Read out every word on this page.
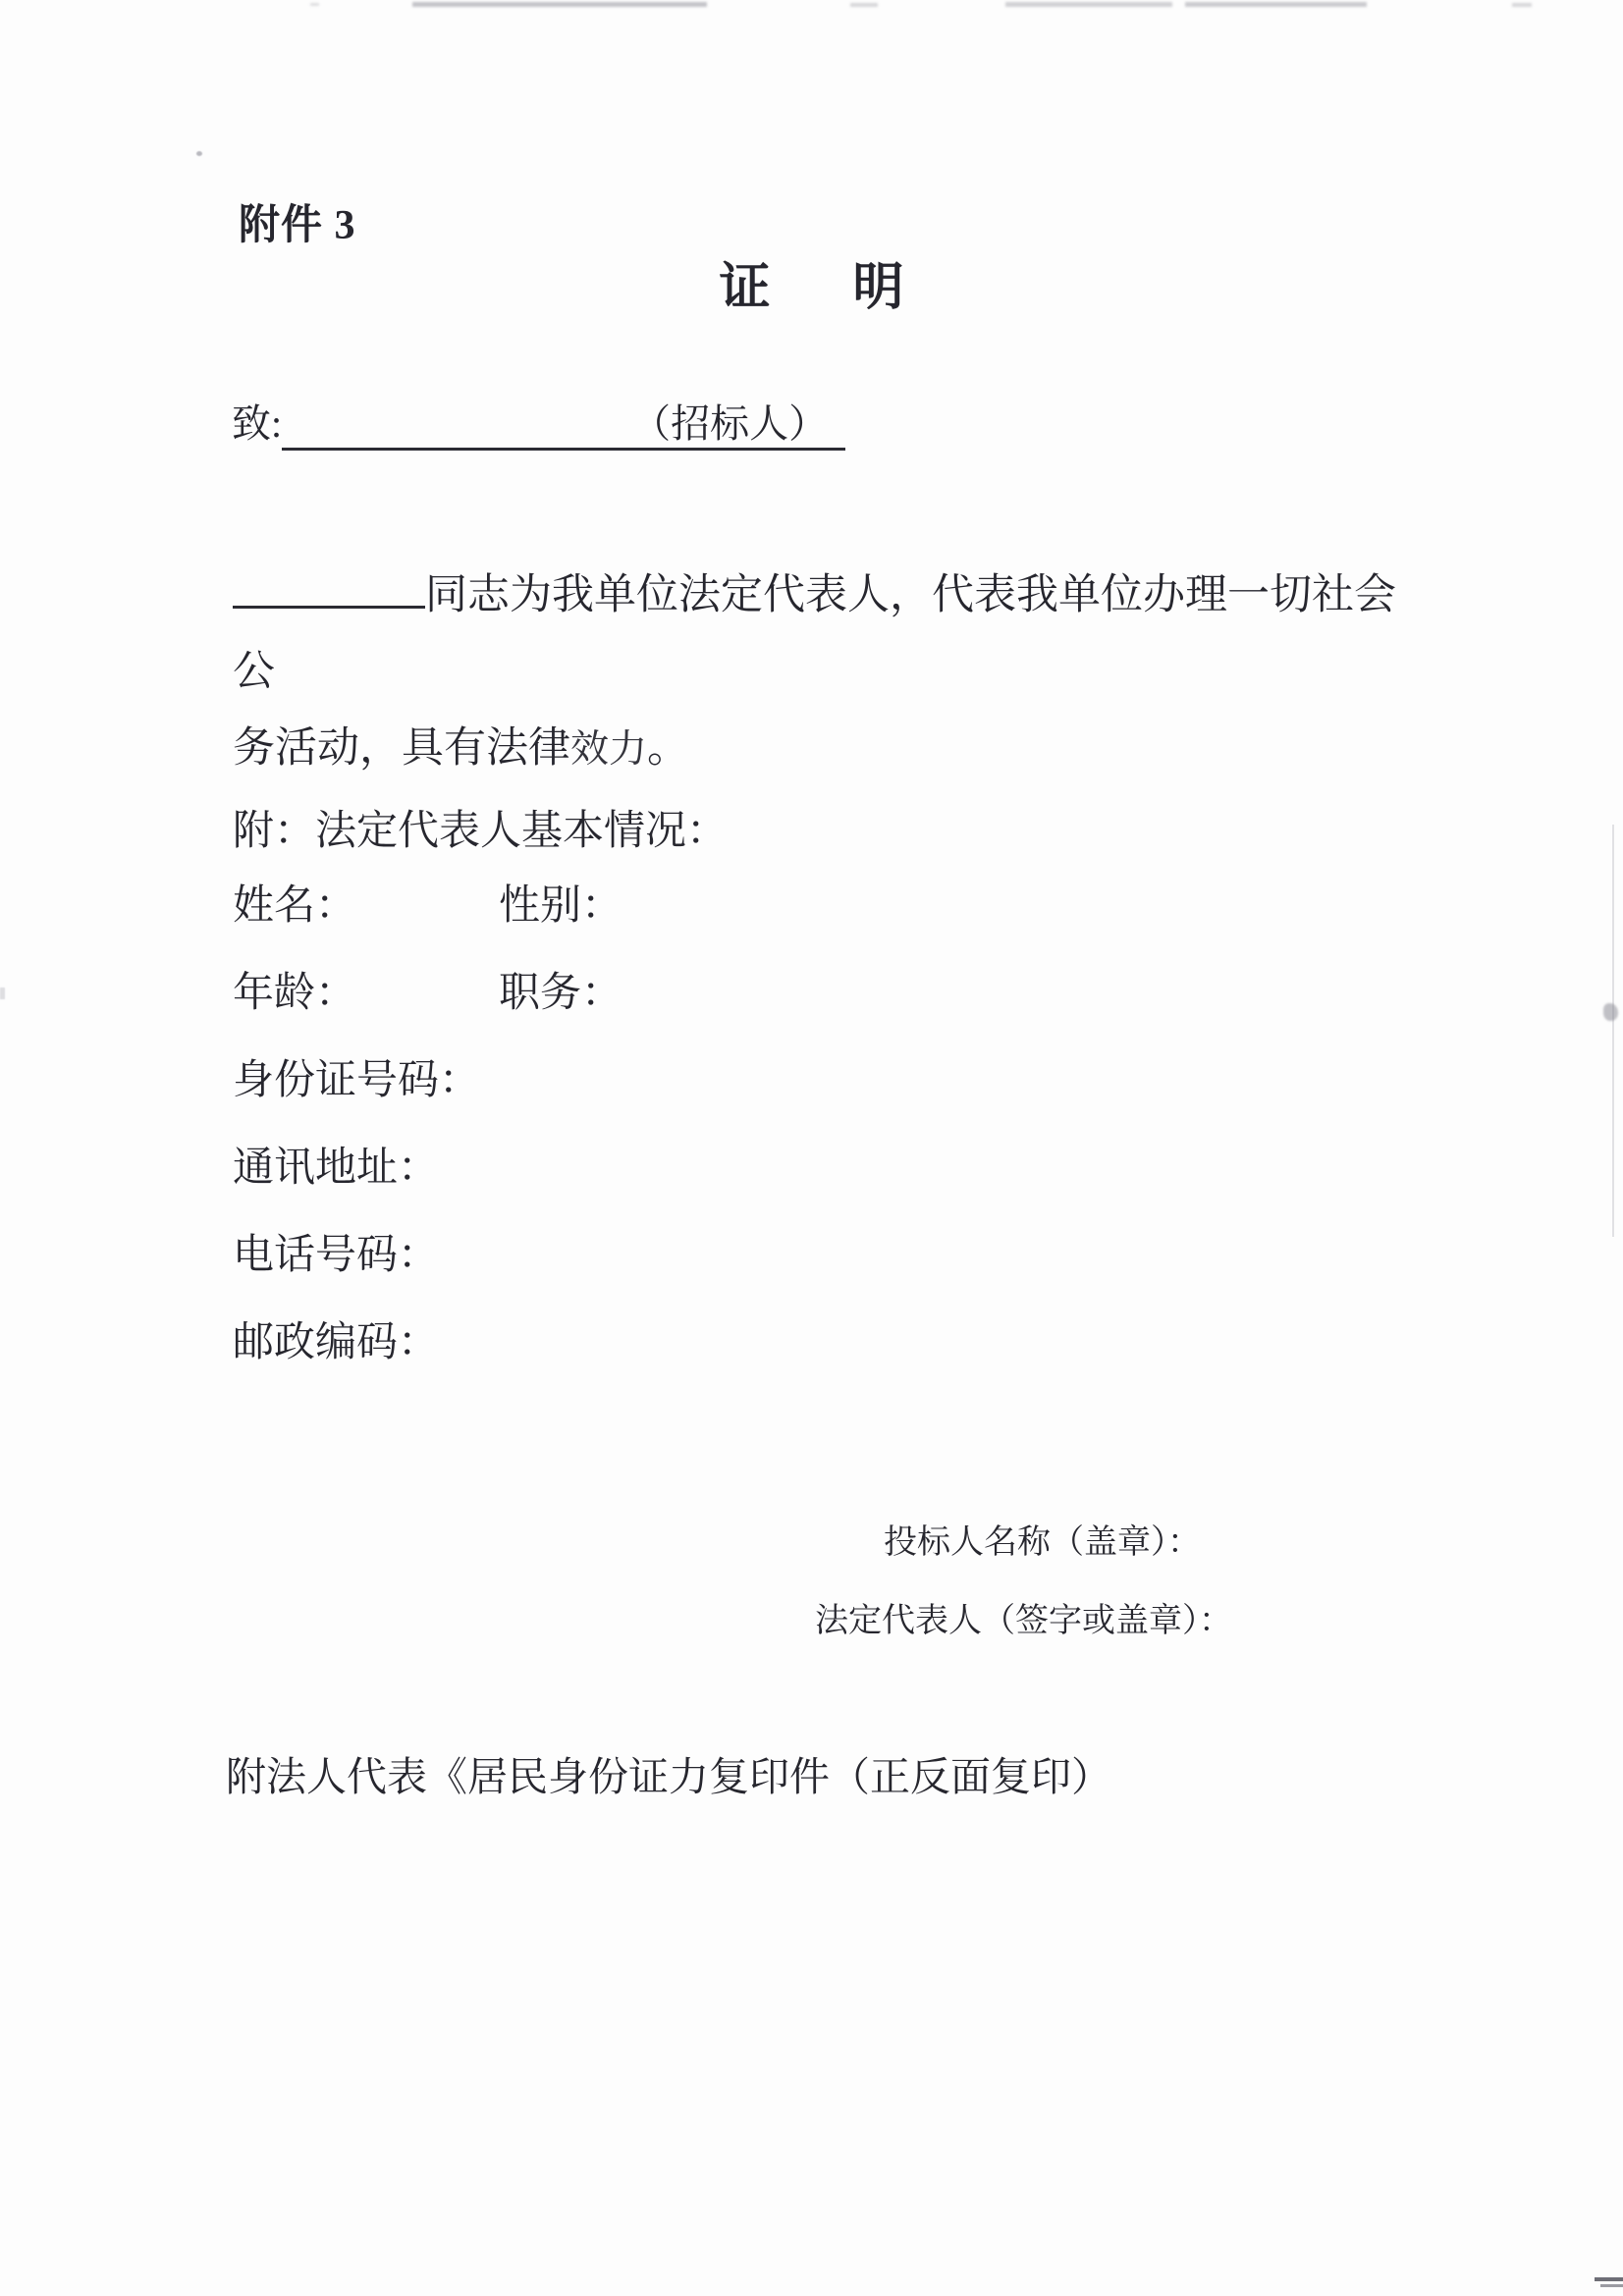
附件 3
证 明
致:	（招标人）
同志为我单位法定代表人，代表我单位办理一切社会公
务活动，具有法律效力。
附：法定代表人基本情况：
姓名：	性别：
年龄：	职务：
身份证号码：
通讯地址：
电话号码：
邮政编码：
投标人名称（盖章）：
法定代表人（签字或盖章）：
附法人代表《居民身份证力复印件（正反面复印）
